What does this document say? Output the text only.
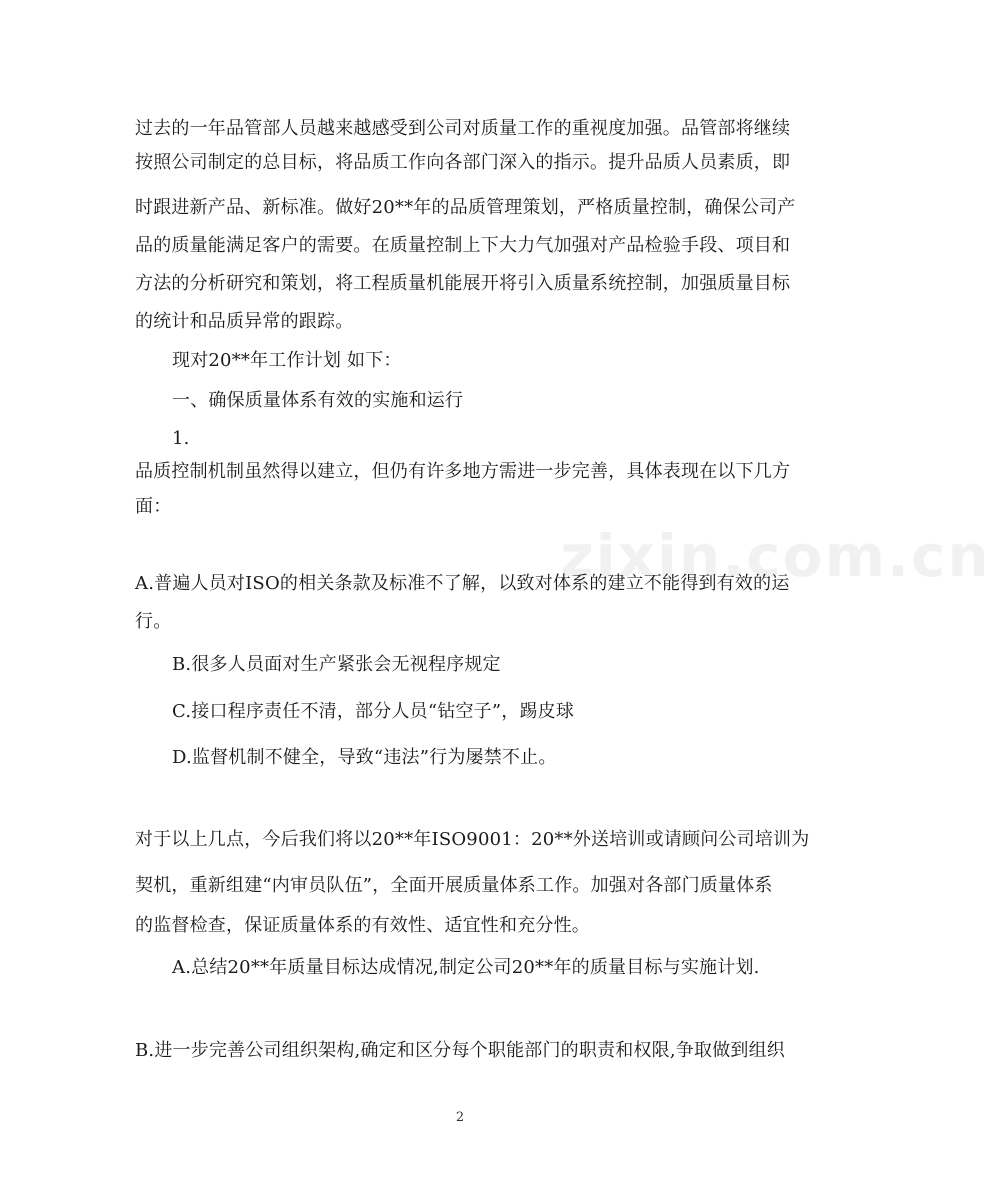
zixin.com.cn
过去的一年品管部人员越来越感受到公司对质量工作的重视度加强。品管部将继续
按照公司制定的总目标，将品质工作向各部门深入的指示。提升品质人员素质，即
时跟进新产品、新标准。做好20**年的品质管理策划，严格质量控制，确保公司产
品的质量能满足客户的需要。在质量控制上下大力气加强对产品检验手段、项目和
方法的分析研究和策划，将工程质量机能展开将引入质量系统控制，加强质量目标
的统计和品质异常的跟踪。
现对20**年工作计划 如下：
一、确保质量体系有效的实施和运行
1.
品质控制机制虽然得以建立，但仍有许多地方需进一步完善，具体表现在以下几方
面：
A.普遍人员对ISO的相关条款及标准不了解，以致对体系的建立不能得到有效的运
行。
B.很多人员面对生产紧张会无视程序规定
C.接口程序责任不清，部分人员“钻空子”，踢皮球
D.监督机制不健全，导致“违法”行为屡禁不止。
对于以上几点，今后我们将以20**年ISO9001：20**外送培训或请顾问公司培训为
契机，重新组建“内审员队伍”，全面开展质量体系工作。加强对各部门质量体系
的监督检查，保证质量体系的有效性、适宜性和充分性。
A.总结20**年质量目标达成情况,制定公司20**年的质量目标与实施计划.
B.进一步完善公司组织架构,确定和区分每个职能部门的职责和权限,争取做到组织
2
